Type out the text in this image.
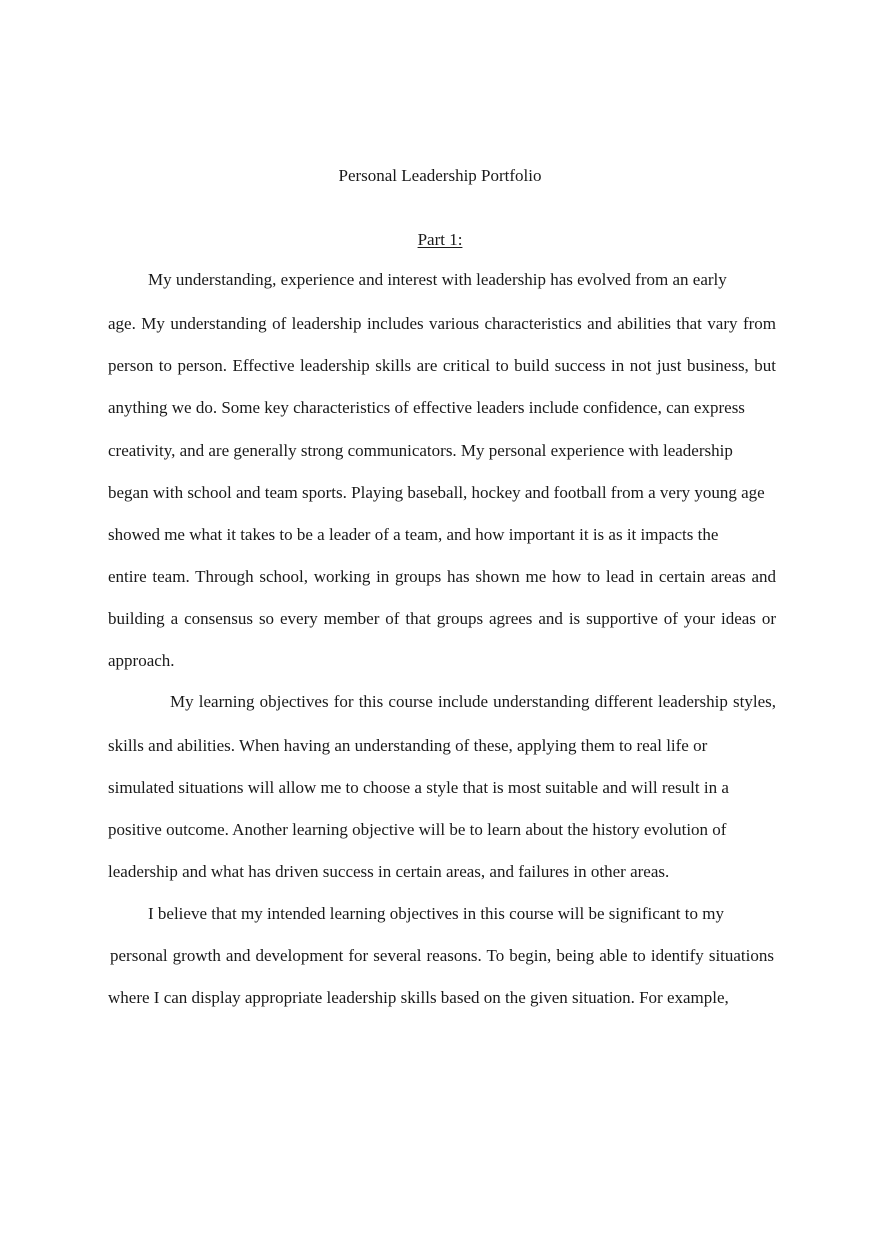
Personal Leadership Portfolio
Part 1:
My understanding, experience and interest with leadership has evolved from an early
age. My understanding of leadership includes various characteristics and abilities that vary from
person to person. Effective leadership skills are critical to build success in not just business, but
anything we do. Some key characteristics of effective leaders include confidence, can express
creativity, and are generally strong communicators. My personal experience with leadership
began with school and team sports. Playing baseball, hockey and football from a very young age
showed me what it takes to be a leader of a team, and how important it is as it impacts the
entire team. Through school, working in groups has shown me how to lead in certain areas and
building a consensus so every member of that groups agrees and is supportive of your ideas or
approach.
My learning objectives for this course include understanding different leadership styles,
skills and abilities. When having an understanding of these, applying them to real life or
simulated situations will allow me to choose a style that is most suitable and will result in a
positive outcome. Another learning objective will be to learn about the history evolution of
leadership and what has driven success in certain areas, and failures in other areas.
I believe that my intended learning objectives in this course will be significant to my
personal growth and development for several reasons. To begin, being able to identify situations
where I can display appropriate leadership skills based on the given situation. For example,
